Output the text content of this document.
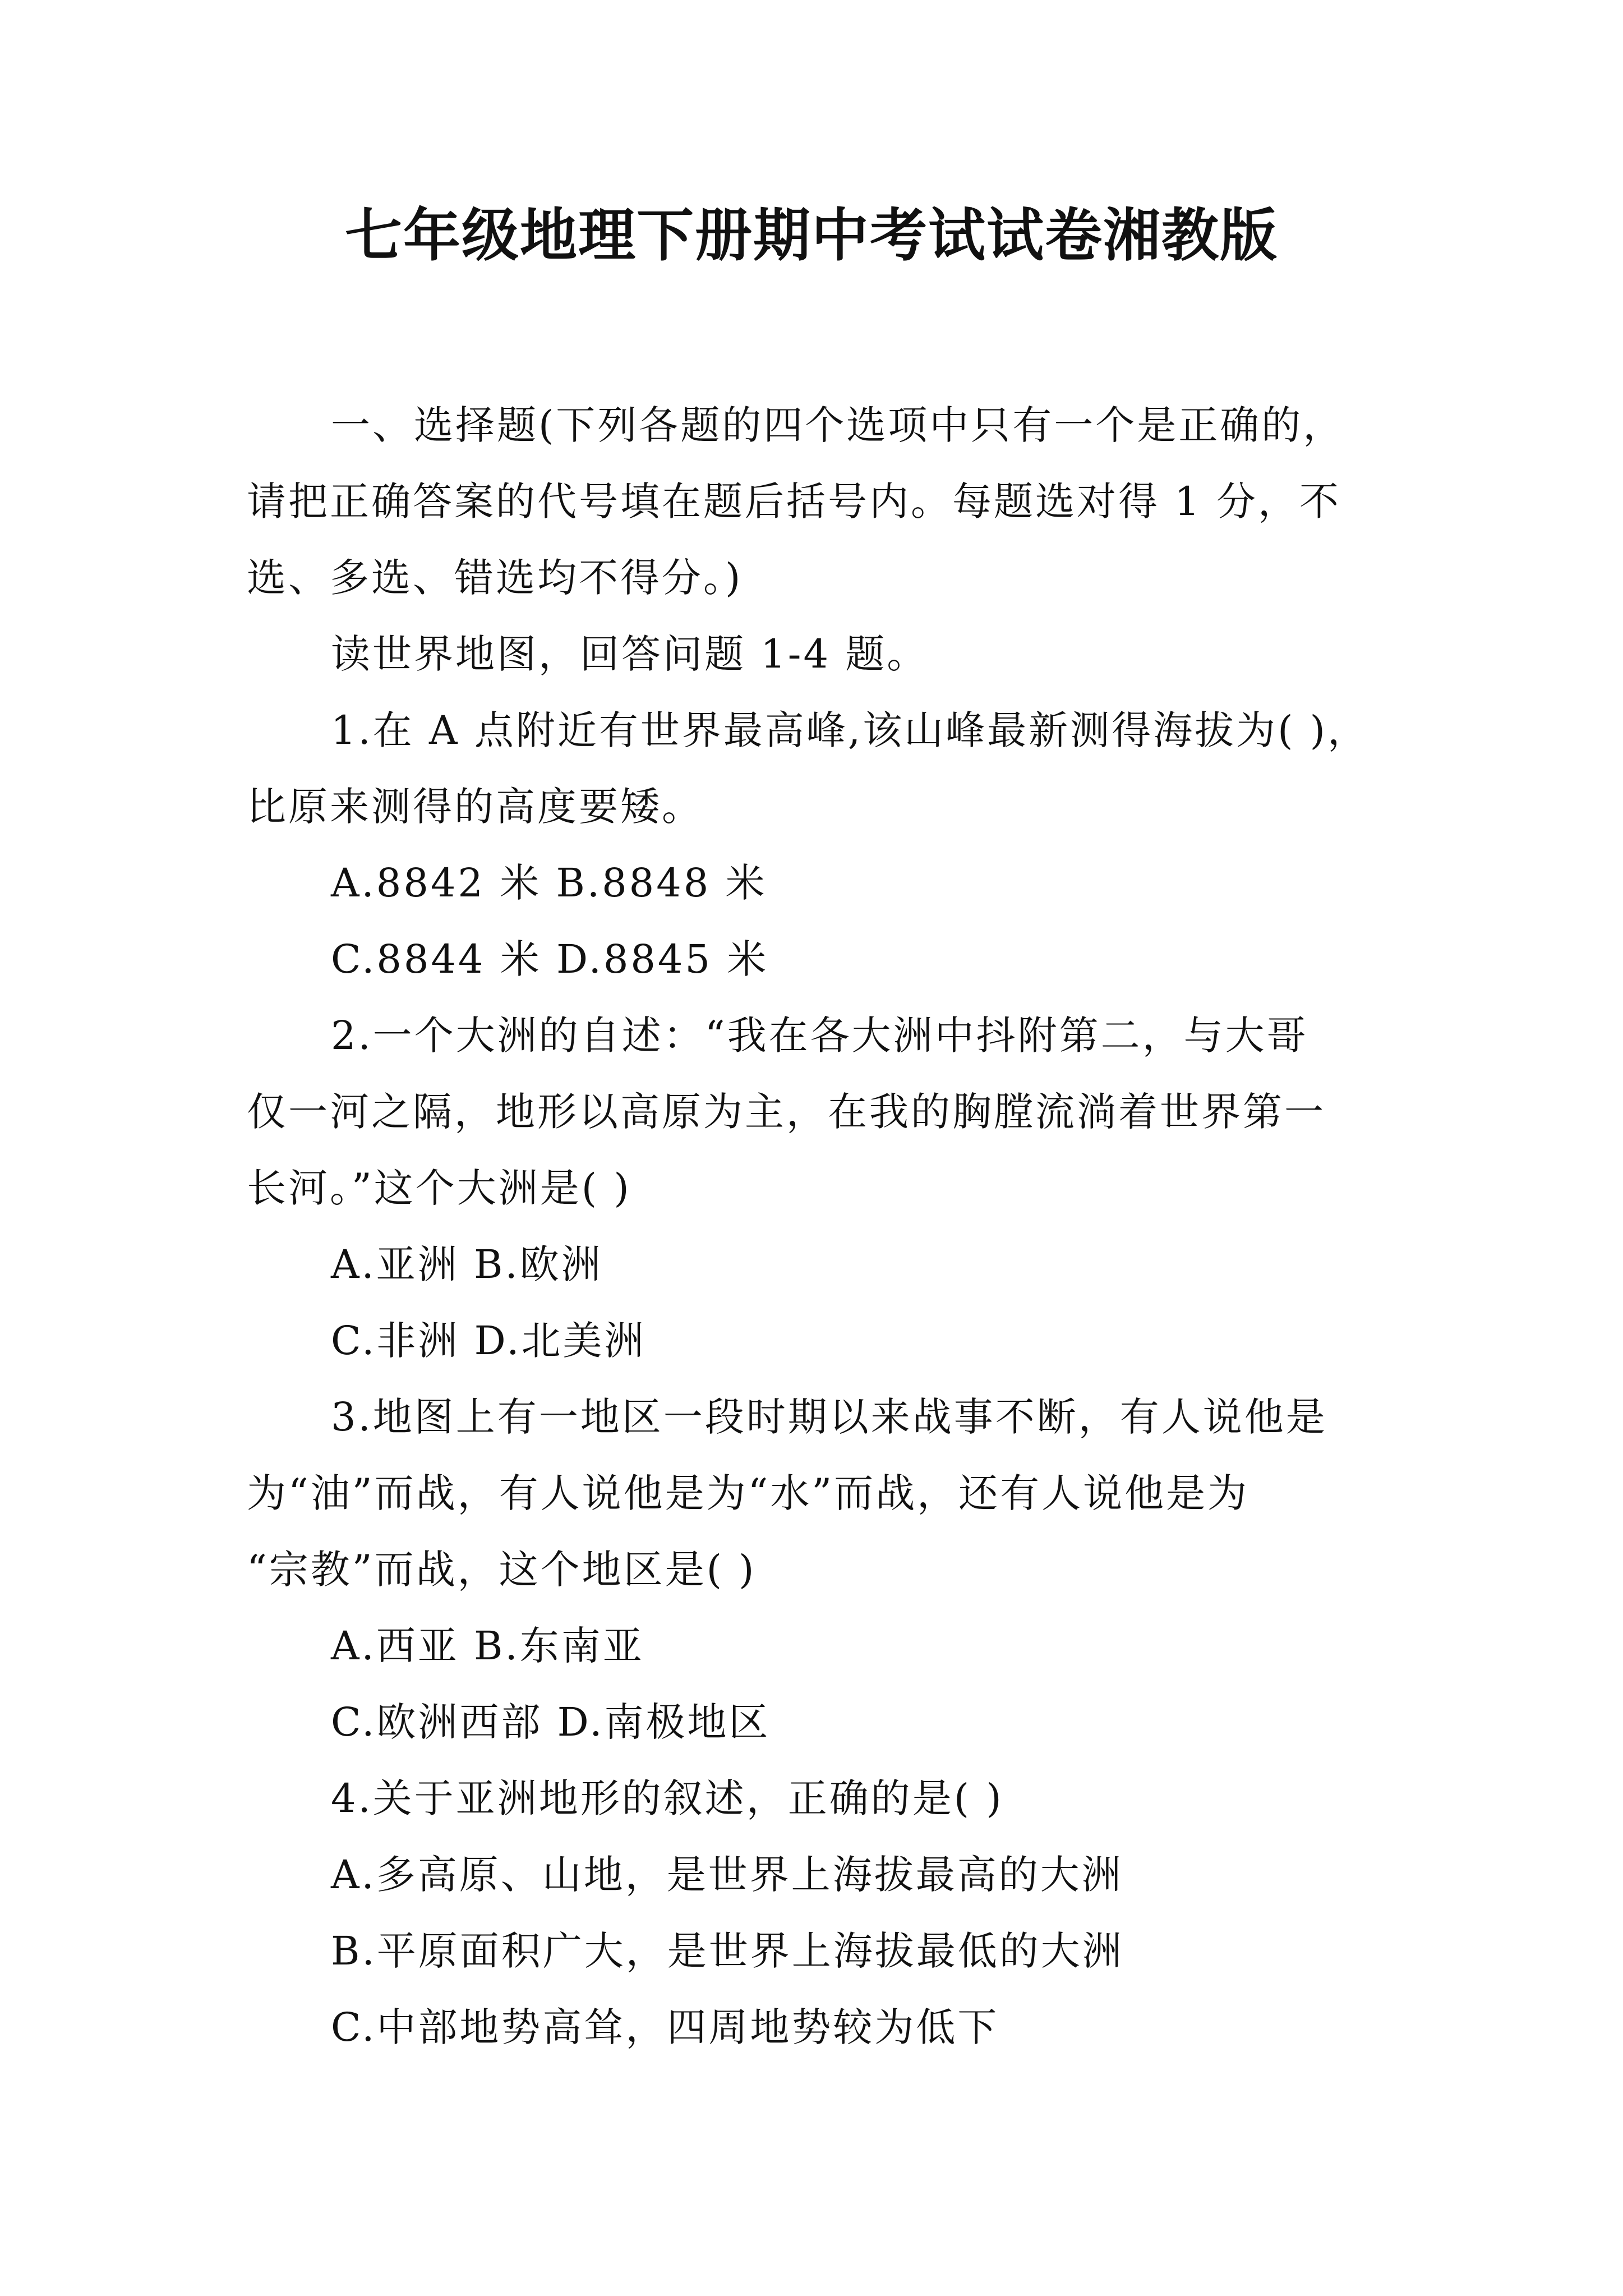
七年级地理下册期中考试试卷湘教版
一、选择题(下列各题的四个选项中只有一个是正确的，
请把正确答案的代号填在题后括号内。每题选对得 1 分，不
选、多选、错选均不得分。)
读世界地图，回答问题 1-4 题。
1.在 A 点附近有世界最高峰,该山峰最新测得海拔为( )，
比原来测得的高度要矮。
A.8842 米 B.8848 米
C.8844 米 D.8845 米
2.一个大洲的自述：“我在各大洲中抖附第二，与大哥
仅一河之隔，地形以高原为主，在我的胸膛流淌着世界第一
长河。”这个大洲是( )
A.亚洲 B.欧洲
C.非洲 D.北美洲
3.地图上有一地区一段时期以来战事不断，有人说他是
为“油”而战，有人说他是为“水”而战，还有人说他是为
“宗教”而战，这个地区是( )
A.西亚 B.东南亚
C.欧洲西部 D.南极地区
4.关于亚洲地形的叙述，正确的是( )
A.多高原、山地，是世界上海拔最高的大洲
B.平原面积广大，是世界上海拔最低的大洲
C.中部地势高耸，四周地势较为低下
